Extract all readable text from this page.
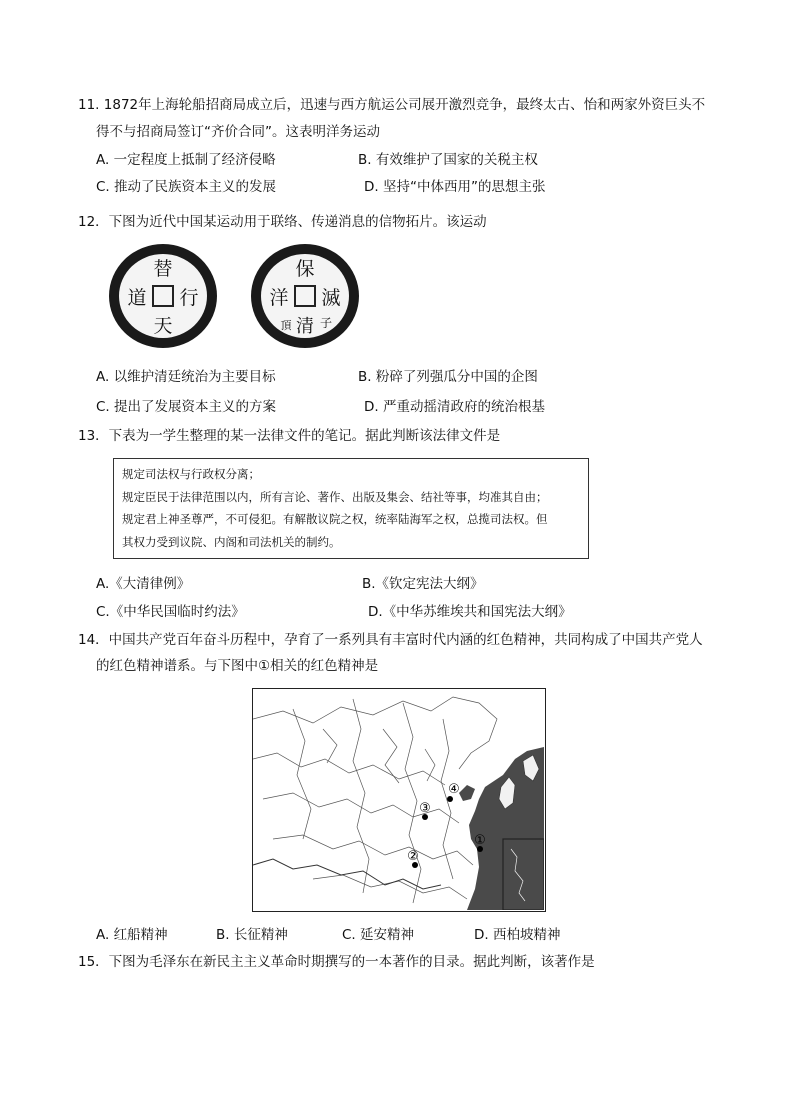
11. 1872年上海轮船招商局成立后，迅速与西方航运公司展开激烈竞争，最终太古、怡和两家外资巨头不
得不与招商局签订“齐价合同”。这表明洋务运动
A. 一定程度上抵制了经济侵略	B. 有效维护了国家的关税主权
C. 推动了民族资本主义的发展	D. 坚持“中体西用”的思想主张
12．下图为近代中国某运动用于联络、传递消息的信物拓片。该运动
替
道 行
天
保
洋 滅
清
頂 子
A. 以维护清廷统治为主要目标	B. 粉碎了列强瓜分中国的企图
C. 提出了发展资本主义的方案	D. 严重动摇清政府的统治根基
13．下表为一学生整理的某一法律文件的笔记。据此判断该法律文件是
规定司法权与行政权分离；
规定臣民于法律范围以内，所有言论、著作、出版及集会、结社等事，均准其自由；
规定君上神圣尊严，不可侵犯。有解散议院之权，统率陆海军之权，总揽司法权。但
其权力受到议院、内阁和司法机关的制约。
A.《大清律例》	B.《钦定宪法大纲》
C.《中华民国临时约法》	D.《中华苏维埃共和国宪法大纲》
14．中国共产党百年奋斗历程中，孕育了一系列具有丰富时代内涵的红色精神，共同构成了中国共产党人
的红色精神谱系。与下图中①相关的红色精神是
①
②
③
④
A. 红船精神	B. 长征精神	C. 延安精神	D. 西柏坡精神
15．下图为毛泽东在新民主主义革命时期撰写的一本著作的目录。据此判断，该著作是
